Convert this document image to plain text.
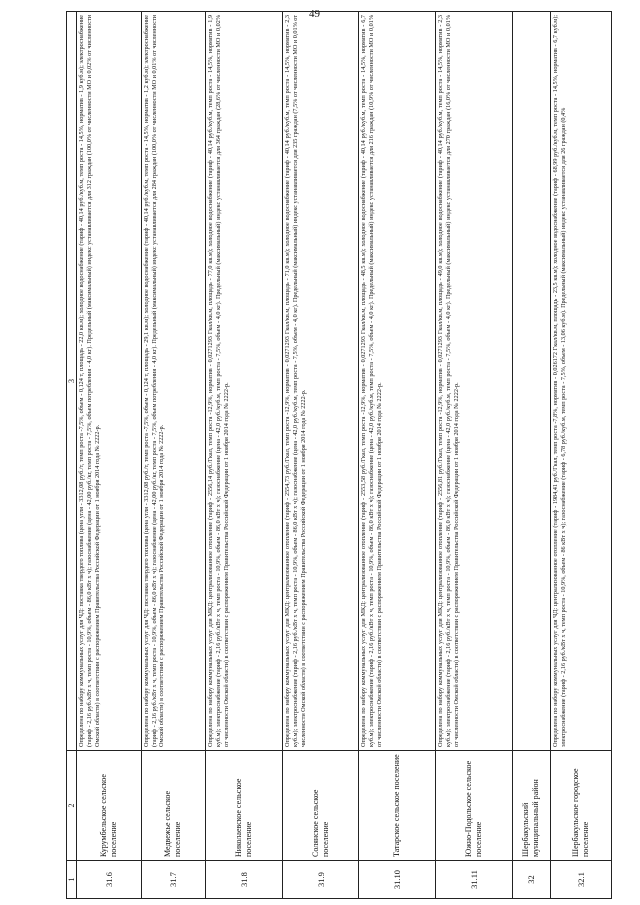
49
1	2	3
31.6	Курумбельское сельское поселение	Определена по набору коммунальных услуг для ЧД: поставка твердого топлива (цена угля - 3312,08 руб./т, темп роста -7,5%, объем - 0,124 т, площадь - 22,0 кв.м); холодное водоснабжение (тариф - 40,14 руб./куб.м, темп роста - 14,5%, норматив - 1,9 куб.м); электроснабжение (тариф - 2,16 руб./кВт х ч, темп роста - 10,9%, объем - 86,0 кВт х ч); газоснабжение (цена - 42,00 руб./кг, темп роста - 7,5%, объем потребления - 4,0 кг). Предельный (максимальный) индекс устанавливается для 312 граждан (100,0% от численности МО и 0,02% от численности Омской области) в соответствии с распоряжением Правительства Российской Федерации от 1 ноября 2014 года № 2222-р.
31.7	Медвежье сельское поселение	Определена по набору коммунальных услуг для ЧД: поставка твердого топлива (цена угля - 3312,08 руб./т, темп роста -7,5%, объем - 0,124 т, площадь - 29,1 кв.м); холодное водоснабжение (тариф - 40,14 руб./куб.м, темп роста - 14,5%, норматив - 1,2 куб.м); электроснабжение (тариф - 2,16 руб./кВт х ч, темп роста - 10,9%, объем - 86,0 кВт х ч); газоснабжение (цена - 42,00 руб./кг, темп роста - 7,5%, объем потребления - 4,0 кг). Предельный (максимальный) индекс устанавливается для 284 граждан (100,0% от численности МО и 0,01% от численности Омской области) в соответствии с распоряжением Правительства Российской Федерации от 1 ноября 2014 года № 2222-р.
31.8	Николаевское сельское поселение	Определена по набору коммунальных услуг для МКД: централизованное отопление (тариф - 2556,14 руб./Гкал, темп роста -12,9%, норматив - 0,0271293 Гкал/кв.м, площадь - 77,0 кв.м); холодное водоснабжение (тариф - 40,14 руб./куб.м, темп роста - 14,5%, норматив - 1,9 куб.м); электроснабжение (тариф - 2,16 руб./кВт х ч, темп роста - 10,9%, объем - 86,0 кВт х ч); газоснабжение (цена - 42,0 руб./куб.м, темп роста - 7,5%, объем - 4,0 кг). Предельный (максимальный) индекс устанавливается для 364 граждан (28,6% от численности МО и 0,02% от численности Омской области) в соответствии с распоряжением Правительства Российской Федерации от 1 ноября 2014 года № 2222-р.
31.9	Солянское сельское поселение	Определена по набору коммунальных услуг для МКД: централизованное отопление (тариф - 2554,73 руб./Гкал, темп роста -12,9%, норматив - 0,0271293 Гкал/кв.м, площадь - 71,0 кв.м); холодное водоснабжение (тариф - 40,14 руб./куб.м, темп роста - 14,5%, норматив - 2,3 куб.м); электроснабжение (тариф - 2,16 руб./кВт х ч, темп роста - 10,9%, объем - 86,0 кВт х ч); газоснабжение (цена - 42,0 руб./куб.м, темп роста - 7,5%, объем - 4,0 кг). Предельный (максимальный) индекс устанавливается для 235 граждан (7,5% от численности МО и 0,01% от численности Омской области) в соответствии с распоряжением Правительства Российской Федерации от 1 ноября 2014 года № 2222-р.
31.10	Татарское сельское поселение	Определена по набору коммунальных услуг для МКД: централизованное отопление (тариф - 2553,58 руб./Гкал, темп роста -12,9%, норматив - 0,0271293 Гкал/кв.м, площадь - 48,5 кв.м); холодное водоснабжение (тариф - 40,14 руб./куб.м, темп роста - 14,5%, норматив - 6,7 куб.м); электроснабжение (тариф - 2,16 руб./кВт х ч, темп роста - 10,9%, объем - 86,0 кВт х ч); газоснабжение (цена - 42,0 руб./куб.м, темп роста - 7,5%, объем - 4,0 кг). Предельный (максимальный) индекс устанавливается для 216 граждан (10,9% от численности МО и 0,01% от численности Омской области) в соответствии с распоряжением Правительства Российской Федерации от 1 ноября 2014 года № 2222-р.
31.11	Южно-Подольское сельское поселение	Определена по набору коммунальных услуг для МКД: централизованное отопление (тариф - 2556,81 руб./Гкал, темп роста -12,9%, норматив - 0,0271293 Гкал/кв.м, площадь - 49,0 кв.м); холодное водоснабжение (тариф - 40,14 руб./куб.м, темп роста - 14,5%, норматив - 2,3 куб.м); электроснабжение (тариф - 2,16 руб./кВт х ч, темп роста - 10,9%, объем - 86,0 кВт х ч); газоснабжение (цена - 42,0 руб./куб.м, темп роста - 7,5%, объем - 4,0 кг). Предельный (максимальный) индекс устанавливается для 270 граждан (16,0% от численности МО и 0,01% от численности Омской области) в соответствии с распоряжением Правительства Российской Федерации от 1 ноября 2014 года № 2222-р.
32	Шербакульский муниципальный район	
32.1	Шербакульское городское поселение	Определена по набору коммунальных услуг для ЧД: централизованное отопление (тариф - 1984,41 руб./Гкал, темп роста -7,8%, норматив - 0,026172 Гкал/кв.м, площадь - 23,5 кв.м); холодное водоснабжение (тариф - 68,99 руб./куб.м, темп роста - 14,5%, норматив - 6,7 куб.м); электроснабжение (тариф - 2,16 руб./кВт х ч, темп роста - 10,9%, объем - 86 кВт х ч); газоснабжение (тариф - 6,78 руб./куб.м, темп роста - 7,5%, объем - 13,06 куб.м). Предельный (максимальный) индекс устанавливается для 26 граждан (0,4%
